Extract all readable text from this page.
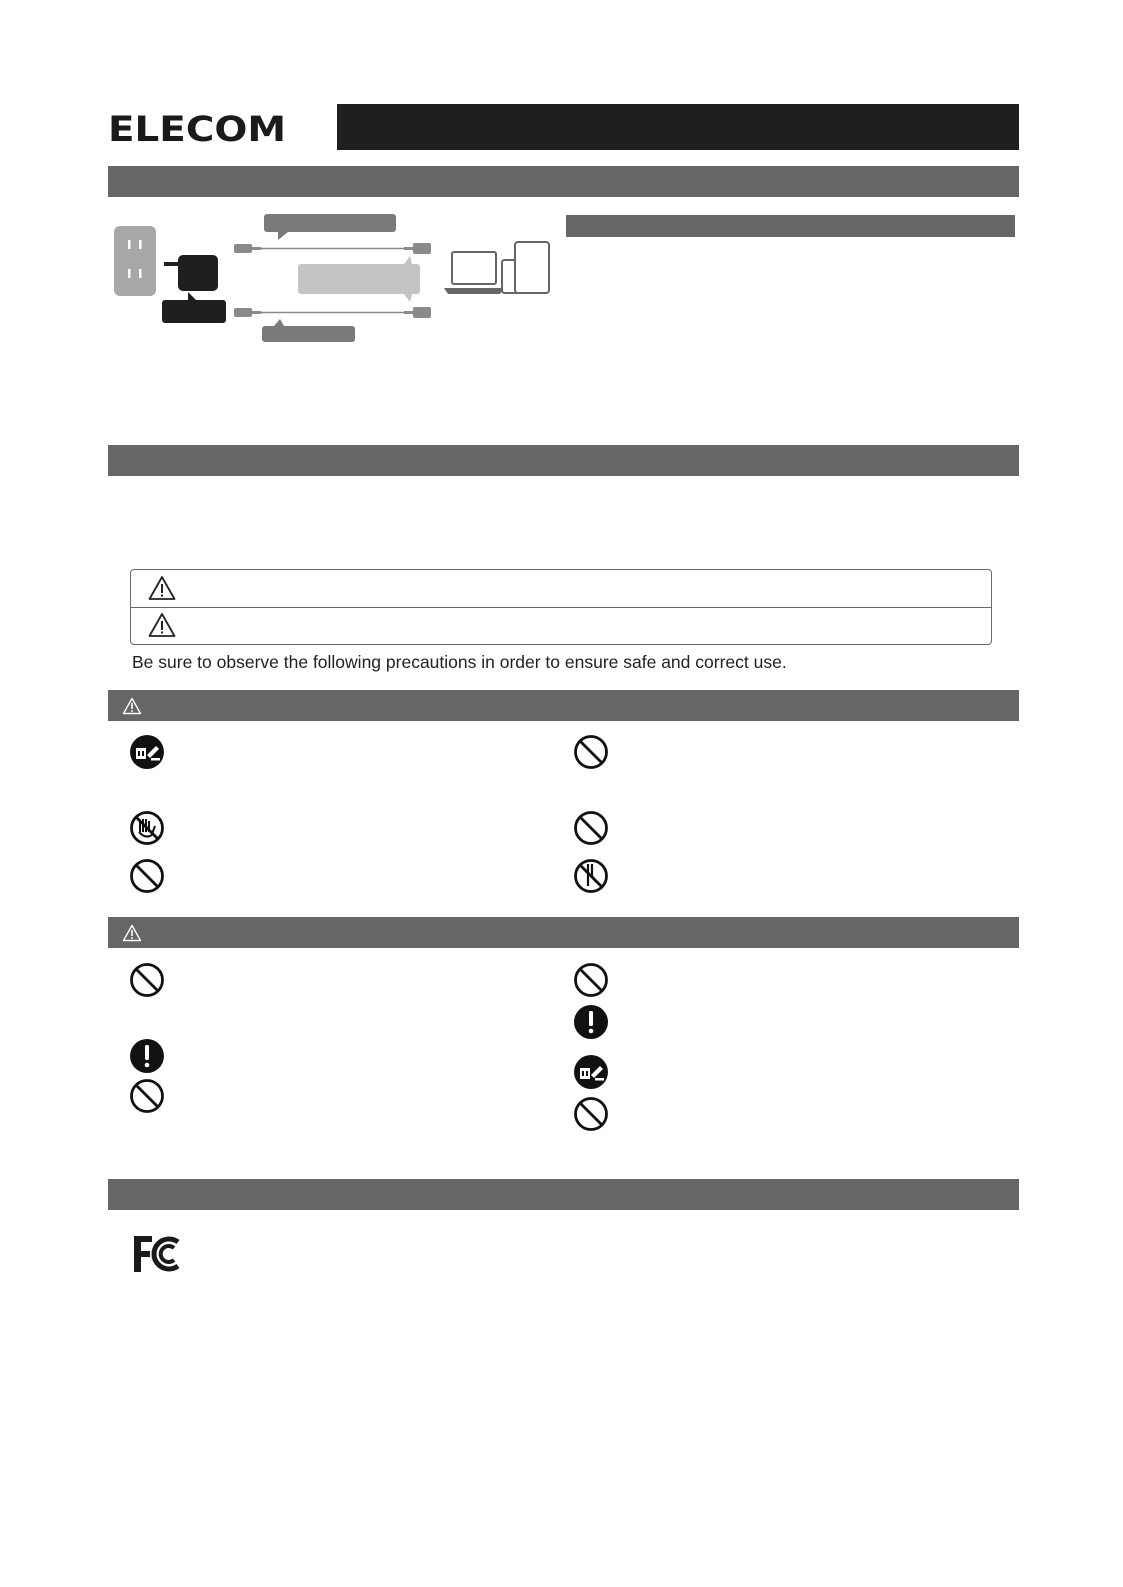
ELECOM
Be sure to observe the following precautions in order to ensure safe and correct use.
